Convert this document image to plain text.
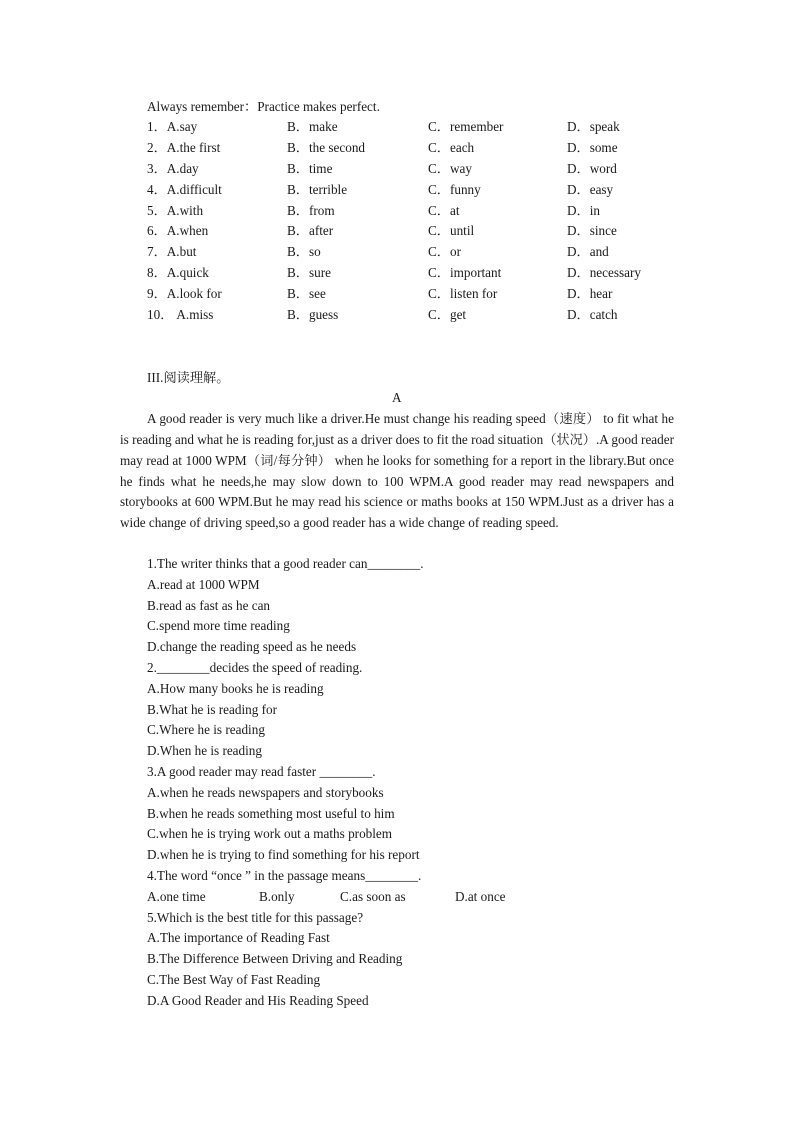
Always remember：Practice makes perfect.
1．A.say	B．make	C．remember	D．speak
2．A.the first	B．the second	C．each	D．some
3．A.day	B．time	C．way	D．word
4．A.difficult	B．terrible	C．funny	D．easy
5．A.with	B．from	C．at	D．in
6．A.when	B．after	C．until	D．since
7．A.but	B．so	C．or	D．and
8．A.quick	B．sure	C．important	D．necessary
9．A.look for	B．see	C．listen for	D．hear
10． A.miss	B．guess	C．get	D．catch
III.阅读理解。
A

A good reader is very much like a driver.He must change his reading speed（速度） to fit what he is reading and what he is reading for,just as a driver does to fit the road situation（状况）.A good reader may read at 1000 WPM（词/每分钟） when he looks for something for a report in the library.But once he finds what he needs,he may slow down to 100 WPM.A good reader may read newspapers and storybooks at 600 WPM.But he may read his science or maths books at 150 WPM.Just as a driver has a wide change of driving speed,so a good reader has a wide change of reading speed.

1.The writer thinks that a good reader can________.
A.read at 1000 WPM
B.read as fast as he can
C.spend more time reading
D.change the reading speed as he needs
2.________decides the speed of reading.
A.How many books he is reading
B.What he is reading for
C.Where he is reading
D.When he is reading
3.A good reader may read faster ________.
A.when he reads newspapers and storybooks
B.when he reads something most useful to him
C.when he is trying work out a maths problem
D.when he is trying to find something for his report
4.The word “once ” in the passage means________.
A.one time	B.only	C.as soon as	D.at once
5.Which is the best title for this passage?
A.The importance of Reading Fast
B.The Difference Between Driving and Reading
C.The Best Way of Fast Reading
D.A Good Reader and His Reading Speed
